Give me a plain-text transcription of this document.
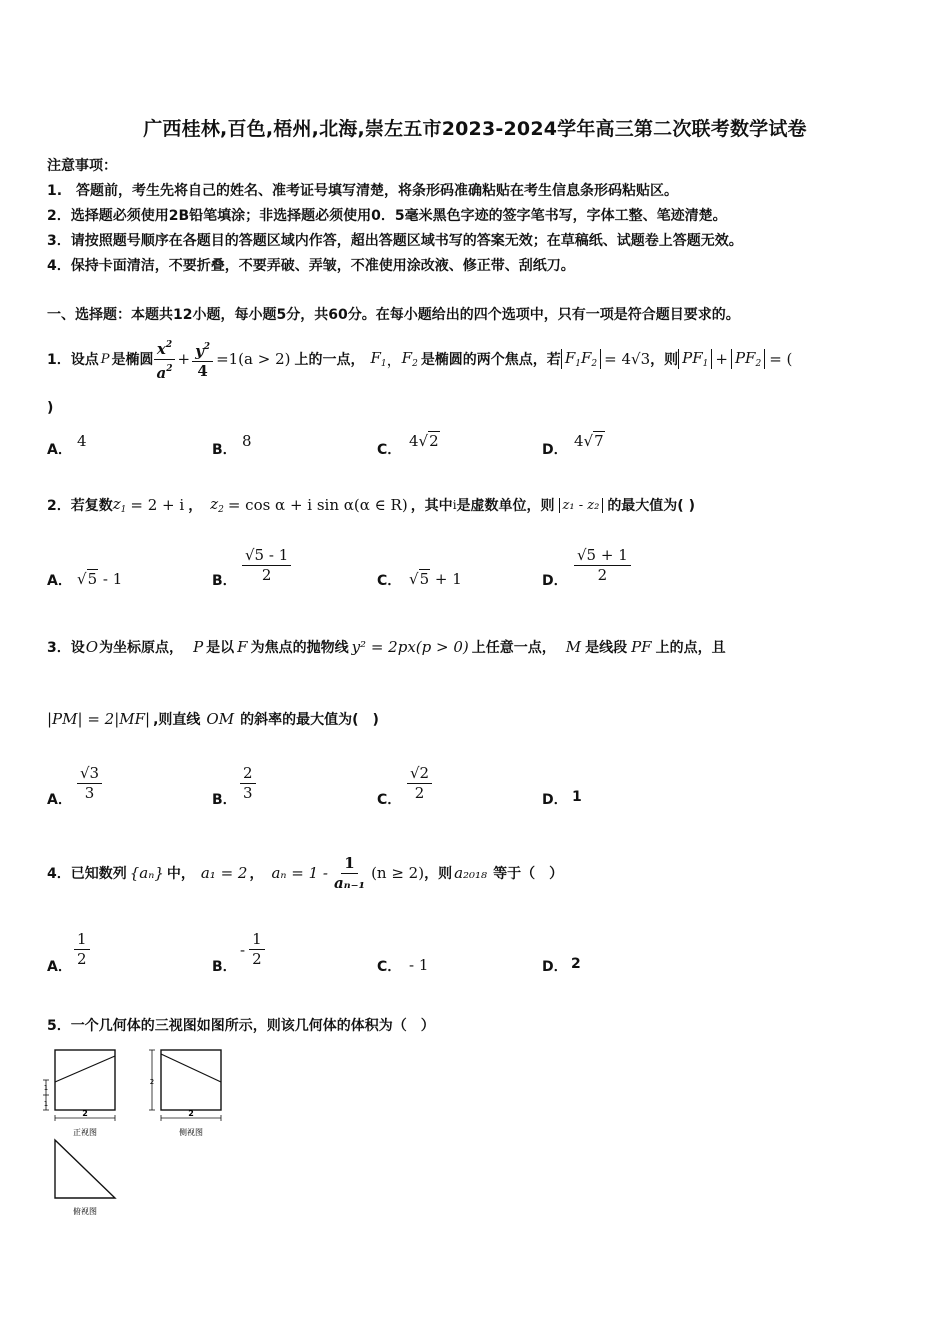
广西桂林,百色,梧州,北海,崇左五市2023-2024学年高三第二次联考数学试卷
注意事项：
1.　答题前，考生先将自己的姓名、准考证号填写清楚，将条形码准确粘贴在考生信息条形码粘贴区。
2．选择题必须使用2B铅笔填涂；非选择题必须使用0．5毫米黑色字迹的签字笔书写，字体工整、笔迹清楚。
3．请按照题号顺序在各题目的答题区域内作答，超出答题区域书写的答案无效；在草稿纸、试题卷上答题无效。
4．保持卡面清洁，不要折叠，不要弄破、弄皱，不准使用涂改液、修正带、刮纸刀。
一、选择题：本题共12小题，每小题5分，共60分。在每小题给出的四个选项中，只有一项是符合题目要求的。
1．设点 P 是椭圆 $\frac{x^2}{a^2} + \frac{y^2}{4} =1(a > 2)$ 上的一点， $F_1$ ， $F_2$ 是椭圆的两个焦点，若 $F_1F_2 = 4√3$ ，则 $PF_1 + PF_2$ = (
)
A． 4	B． 8	C． 4√2	D． 4√7
2．若复数 $z_1 = 2 + i$ ， $z_2 = \cos \alpha + i$ sin α(α ∈ R) ，其中 i 是虚数单位，则 z₁ - z₂ 的最大值为( )
A． √5 - 1	B． $\frac{√5 - 1}{2}$	C． √5 + 1	D． $\frac{√5 + 1}{2}$
3．设 O 为坐标原点， P 是以 F 为焦点的抛物线 y² = 2px(p > 0) 上任意一点， M 是线段 PF 上的点，且
|PM| = 2|MF| ,则直线 OM 的斜率的最大值为(　)
A． $\frac{√3}{3}$	B． $\frac{2}{3}$	C． $\frac{√2}{2}$	D． 1
4．已知数列 {aₙ} 中， a₁ = 2 ， $a_n = 1 - \frac{1}{\text{aₙ₋₁}} (n \ge 2)$ ，则 a₂₀₁₈ 等于（　）
A． $\frac{1}{2}$	B．
- $\frac{1}{2}$	C． - 1	D． 2
5．一个几何体的三视图如图所示，则该几何体的体积为（　）
1
1
2
正视图
2
2
侧视图
俯视图
